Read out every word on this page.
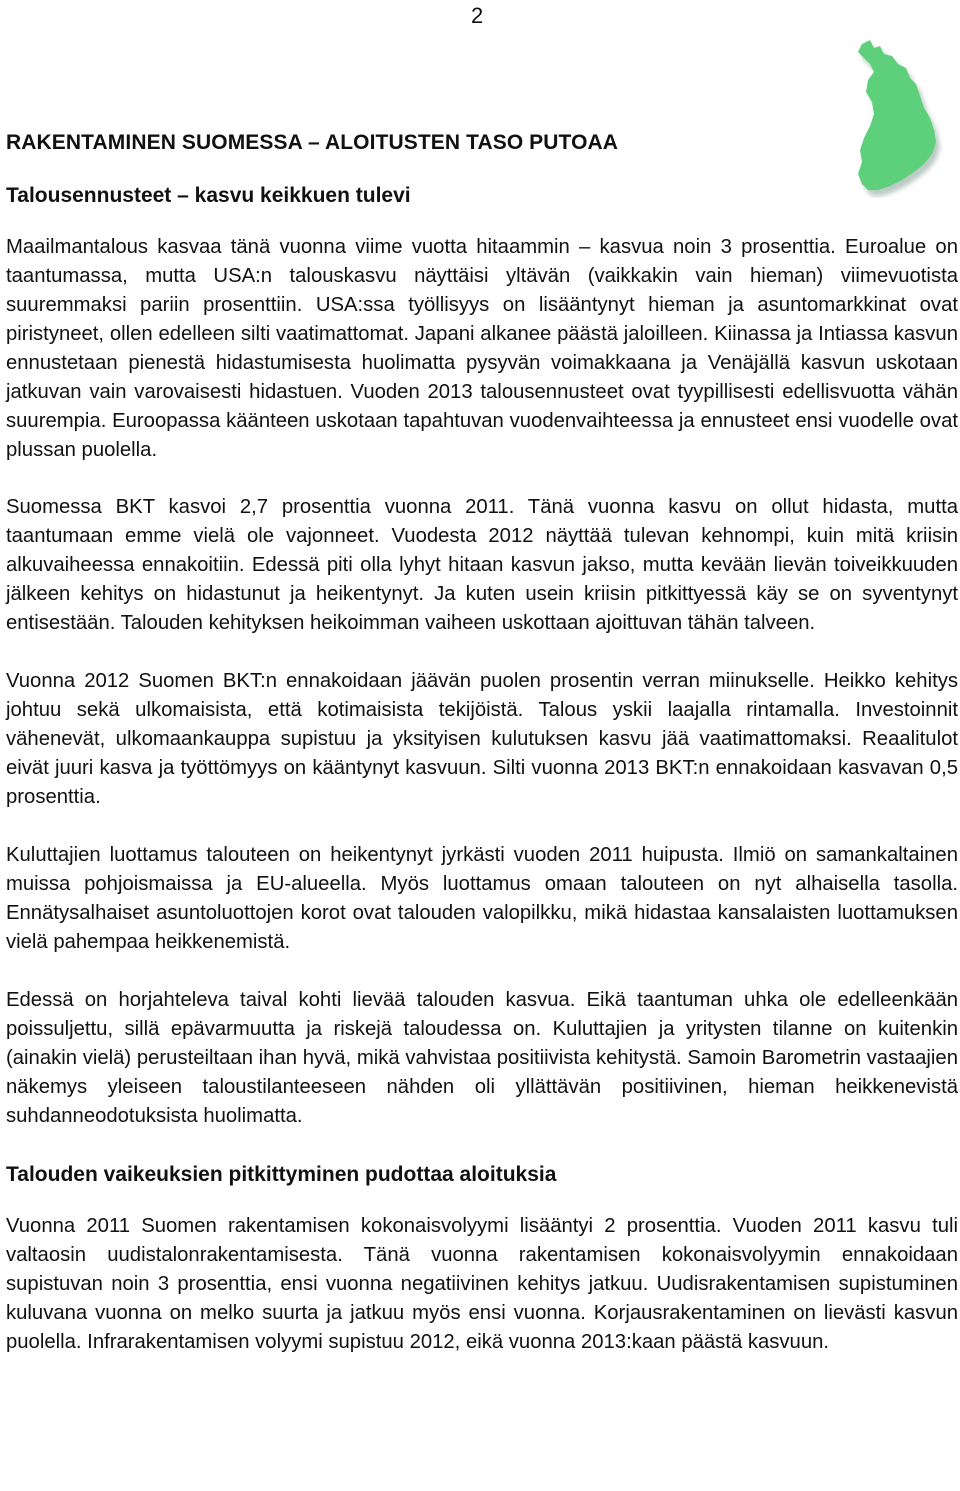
2
RAKENTAMINEN SUOMESSA – ALOITUSTEN TASO PUTOAA
Talousennusteet – kasvu keikkuen tulevi

Maailmantalous kasvaa tänä vuonna viime vuotta hitaammin – kasvua noin 3 prosenttia. Euroalue on taantumassa, mutta USA:n talouskasvu näyttäisi yltävän (vaikkakin vain hieman) viimevuotista suuremmaksi pariin prosenttiin. USA:ssa työllisyys on lisääntynyt hieman ja asuntomarkkinat ovat piristyneet, ollen edelleen silti vaatimattomat. Japani alkanee päästä jaloilleen. Kiinassa ja Intiassa kasvun ennustetaan pienestä hidastumisesta huolimatta pysyvän voimakkaana ja Venäjällä kasvun uskotaan jatkuvan vain varovaisesti hidastuen. Vuoden 2013 talousennusteet ovat tyypillisesti edellisvuotta vähän suurempia. Euroopassa käänteen uskotaan tapahtuvan vuodenvaihteessa ja ennusteet ensi vuodelle ovat plussan puolella.

Suomessa BKT kasvoi 2,7 prosenttia vuonna 2011. Tänä vuonna kasvu on ollut hidasta, mutta taantumaan emme vielä ole vajonneet. Vuodesta 2012 näyttää tulevan kehnompi, kuin mitä kriisin alkuvaiheessa ennakoitiin. Edessä piti olla lyhyt hitaan kasvun jakso, mutta kevään lievän toiveikkuuden jälkeen kehitys on hidastunut ja heikentynyt. Ja kuten usein kriisin pitkittyessä käy se on syventynyt entisestään. Talouden kehityksen heikoimman vaiheen uskottaan ajoittuvan tähän talveen.

Vuonna 2012 Suomen BKT:n ennakoidaan jäävän puolen prosentin verran miinukselle. Heikko kehitys johtuu sekä ulkomaisista, että kotimaisista tekijöistä. Talous yskii laajalla rintamalla. Investoinnit vähenevät, ulkomaankauppa supistuu ja yksityisen kulutuksen kasvu jää vaatimattomaksi. Reaalitulot eivät juuri kasva ja työttömyys on kääntynyt kasvuun. Silti vuonna 2013 BKT:n ennakoidaan kasvavan 0,5 prosenttia.

Kuluttajien luottamus talouteen on heikentynyt jyrkästi vuoden 2011 huipusta. Ilmiö on samankaltainen muissa pohjoismaissa ja EU-alueella. Myös luottamus omaan talouteen on nyt alhaisella tasolla. Ennätysalhaiset asuntoluottojen korot ovat talouden valopilkku, mikä hidastaa kansalaisten luottamuksen vielä pahempaa heikkenemistä.

Edessä on horjahteleva taival kohti lievää talouden kasvua. Eikä taantuman uhka ole edelleenkään poissuljettu, sillä epävarmuutta ja riskejä taloudessa on. Kuluttajien ja yritysten tilanne on kuitenkin (ainakin vielä) perusteiltaan ihan hyvä, mikä vahvistaa positiivista kehitystä. Samoin Barometrin vastaajien näkemys yleiseen taloustilanteeseen nähden oli yllättävän positiivinen, hieman heikkenevistä suhdanneodotuksista huolimatta.

Talouden vaikeuksien pitkittyminen pudottaa aloituksia

Vuonna 2011 Suomen rakentamisen kokonaisvolyymi lisääntyi 2 prosenttia. Vuoden 2011 kasvu tuli valtaosin uudistalonrakentamisesta. Tänä vuonna rakentamisen kokonaisvolyymin ennakoidaan supistuvan noin 3 prosenttia, ensi vuonna negatiivinen kehitys jatkuu. Uudisrakentamisen supistuminen kuluvana vuonna on melko suurta ja jatkuu myös ensi vuonna. Korjausrakentaminen on lievästi kasvun puolella. Infrarakentamisen volyymi supistuu 2012, eikä vuonna 2013:kaan päästä kasvuun.
